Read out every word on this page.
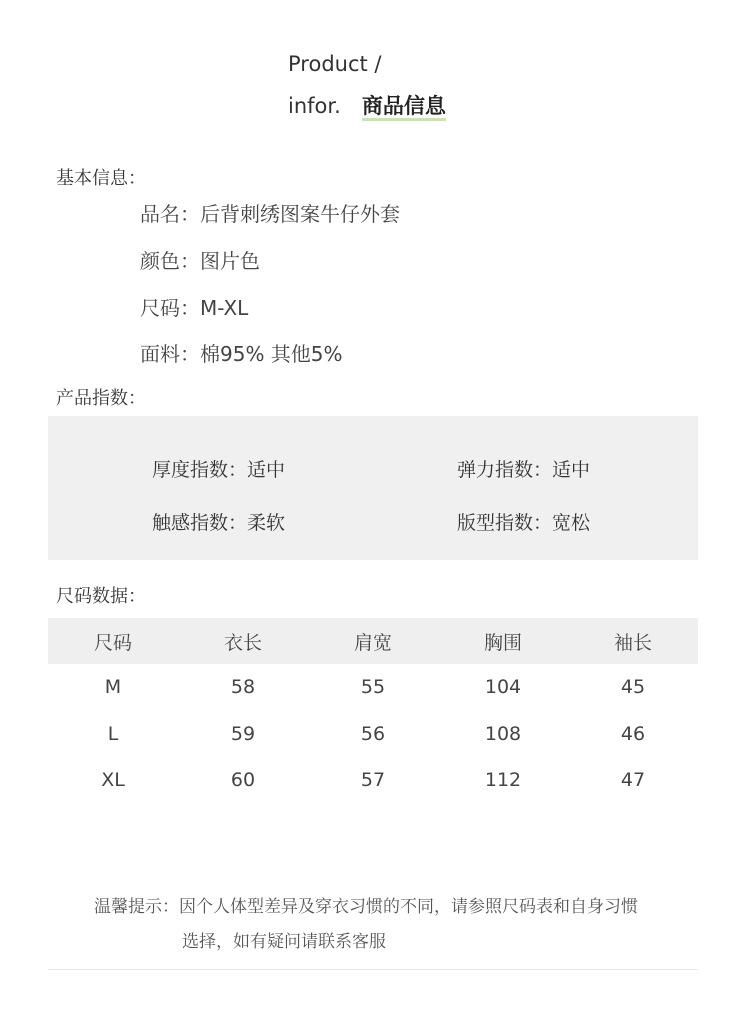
Product /
infor. 商品信息
基本信息：
品名：后背刺绣图案牛仔外套
颜色：图片色
尺码：M-XL
面料：棉95% 其他5%
产品指数：
厚度指数：适中	弹力指数：适中
触感指数：柔软	版型指数：宽松
尺码数据：
尺码	衣长	肩宽	胸围	袖长
M	58	55	104	45
L	59	56	108	46
XL	60	57	112	47
温馨提示：因个人体型差异及穿衣习惯的不同，请参照尺码表和自身习惯
选择，如有疑问请联系客服
